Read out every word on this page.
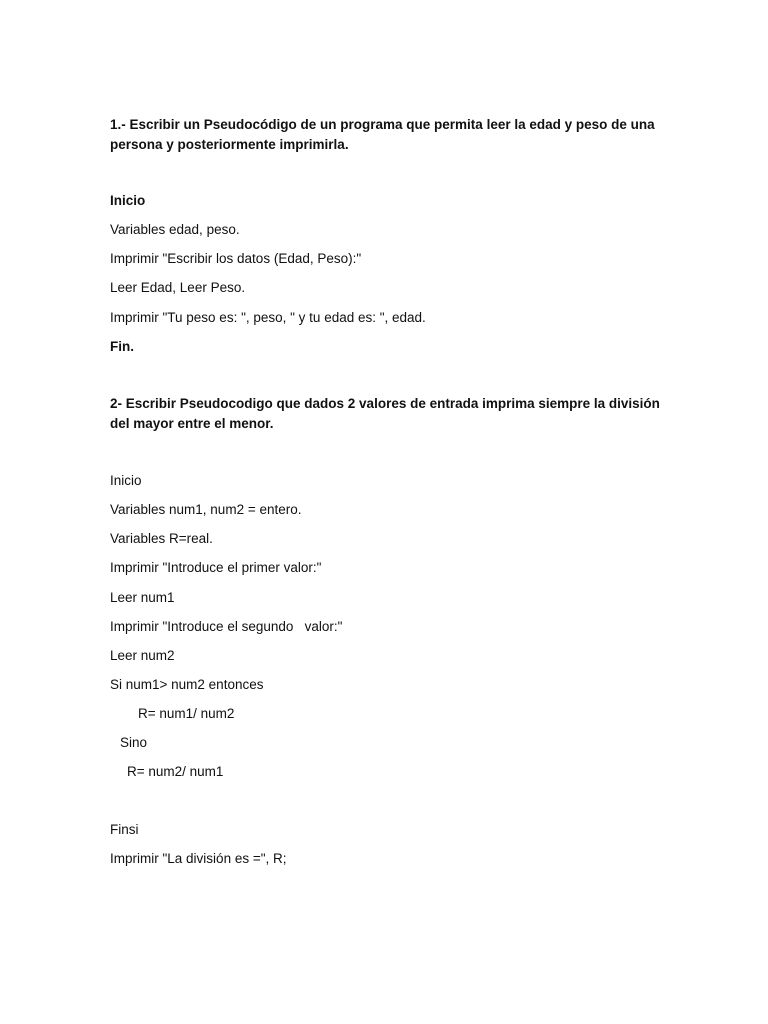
1.- Escribir un Pseudocódigo de un programa que permita leer la edad y peso de una persona y posteriormente imprimirla.
Inicio
Variables edad, peso.
Imprimir "Escribir los datos (Edad, Peso):"
Leer Edad, Leer Peso.
Imprimir "Tu peso es: ", peso, " y tu edad es: ", edad.
Fin.
2- Escribir Pseudocodigo que dados 2 valores de entrada imprima siempre la división del mayor entre el menor.
Inicio
Variables num1, num2 = entero.
Variables R=real.
Imprimir "Introduce el primer valor:"
Leer num1
Imprimir "Introduce el segundo   valor:"
Leer num2
Si num1> num2 entonces
R= num1/ num2
Sino
R= num2/ num1
Finsi
Imprimir "La división es =", R;
